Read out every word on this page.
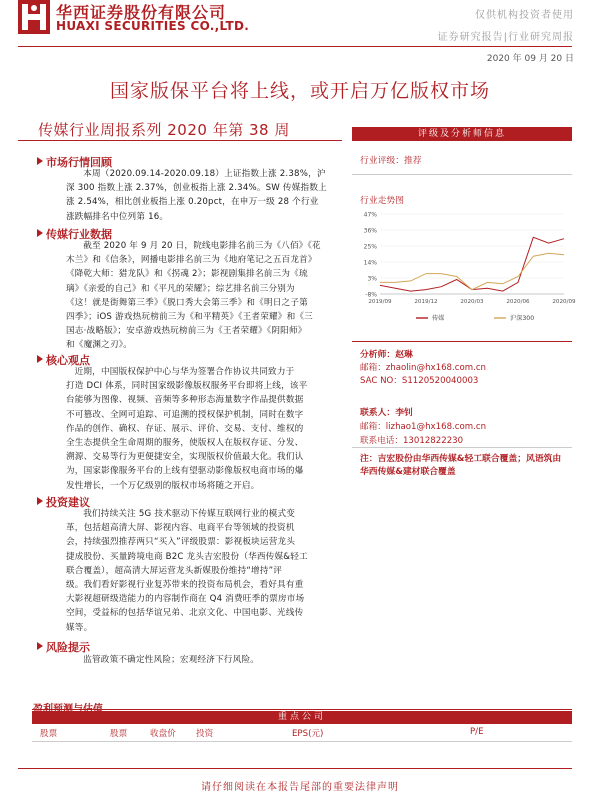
华西证券股份有限公司
HUAXI SECURITIES CO.,LTD.
仅供机构投资者使用
证券研究报告|行业研究周报
2020 年 09 月 20 日
国家版保平台将上线，或开启万亿版权市场
传媒行业周报系列 2020 年第 38 周
市场行情回顾
本周（2020.09.14-2020.09.18）上证指数上涨 2.38%，沪
深 300 指数上涨 2.37%，创业板指上涨 2.34%。SW 传媒指数上
涨 2.54%，相比创业板指上涨 0.20pct，在申万一级 28 个行业
涨跌幅排名中位列第 16。
传媒行业数据
截至 2020 年 9 月 20 日，院线电影排名前三为《八佰》《花
木兰》和《信条》，网播电影排名前三为《地府笔记之五百龙首》
《降乾大师：猎龙队》和《拐魂 2》；影视剧集排名前三为《琉
璃》《亲爱的自己》和《平凡的荣耀》；综艺排名前三分别为
《这！就是街舞第三季》《脱口秀大会第三季》和《明日之子第
四季》；iOS 游戏热玩榜前三为《和平精英》《王者荣耀》和《三
国志·战略版》；安卓游戏热玩榜前三为《王者荣耀》《阴阳师》
和《魔渊之刃》。
核心观点
近期，中国版权保护中心与华为签署合作协议共同致力于
打造 DCI 体系，同时国家级影像版权服务平台即将上线，该平
台能够为图像、视频、音频等多种形态海量数字作品提供数据
不可篡改、全网可追踪、可追溯的授权保护机制，同时在数字
作品的创作、确权、存证、展示、评价、交易、支付、维权的
全生态提供全生命周期的服务，使版权人在版权存证、分发、
溯源、交易等行为更便捷安全，实现版权价值最大化。我们认
为，国家影像服务平台的上线有望驱动影像版权电商市场的爆
发性增长，一个万亿级别的版权市场将随之开启。
投资建议
我们持续关注 5G 技术驱动下传媒互联网行业的模式变
革，包括超高清大屏、影视内容、电商平台等领域的投资机
会，持续强烈推荐两只“买入”评级股票：影视板块运营龙头
捷成股份、买量跨境电商 B2C 龙头吉宏股份（华西传媒&轻工
联合覆盖），超高清大屏运营龙头新媒股份维持“增持”评
级。我们看好影视行业复苏带来的投资布局机会，看好具有重
大影视超研级造能力的内容制作商在 Q4 消费旺季的票房市场
空间，受益标的包括华谊兄弟、北京文化、中国电影、光线传
媒等。
风险提示
监管政策不确定性风险；宏观经济下行风险。
评级及分析师信息
行业评级：推荐
行业走势图
47%
36%
25%
14%
3%
-8%
2019/09	2019/12	2020/03	2020/06	2020/09
传媒	沪深300
分析师：赵琳
邮箱：zhaolin@hx168.com.cn
SAC NO：S1120520040003
联系人：李钊
邮箱：lizhao1@hx168.com.cn
联系电话：13012822230
注：吉宏股份由华西传媒&轻工联合覆盖；风语筑由华西传媒&建材联合覆盖
重点公司
股票	股票	收盘价 投资	EPS(元)	P/E
请仔细阅读在本报告尾部的重要法律声明
